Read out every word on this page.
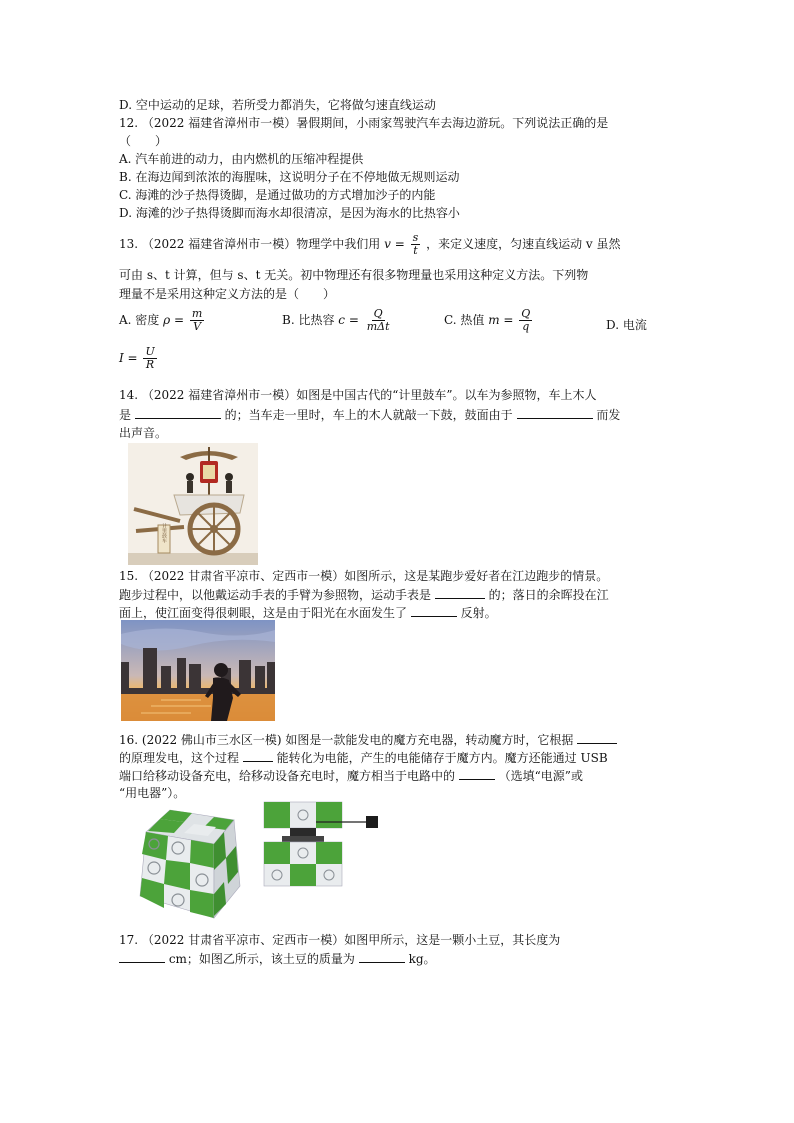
D. 空中运动的足球，若所受力都消失，它将做匀速直线运动
12. （2022 福建省漳州市一模）暑假期间，小雨家驾驶汽车去海边游玩。下列说法正确的是
（　　）
A. 汽车前进的动力，由内燃机的压缩冲程提供
B. 在海边闻到浓浓的海腥味，这说明分子在不停地做无规则运动
C. 海滩的沙子热得烫脚，是通过做功的方式增加沙子的内能
D. 海滩的沙子热得烫脚而海水却很清凉，是因为海水的比热容小
13. （2022 福建省漳州市一模）物理学中我们用 $v = \frac{s}{t}$ ，来定义速度，匀速直线运动 v 虽然
可由 s、t 计算，但与 s、t 无关。初中物理还有很多物理量也采用这种定义方法。下列物
理量不是采用这种定义方法的是（　　）
A. 密度 $\rho = \frac{m}{V}$	B. 比热容 $c = \frac{Q}{\text{mΔt}}$	C. 热值 $m = \frac{Q}{q}$	D. 电流
$I = \frac{U}{R}$
14. （2022 福建省漳州市一模）如图是中国古代的“计里鼓车”。以车为参照物，车上木人
是	的；当车走一里时，车上的木人就敲一下鼓，鼓面由于	而发
出声音。
计里鼓车
15. （2022 甘肃省平凉市、定西市一模）如图所示，这是某跑步爱好者在江边跑步的情景。
跑步过程中，以他戴运动手表的手臂为参照物，运动手表是	的；落日的余晖投在江
面上，使江面变得很刺眼，这是由于阳光在水面发生了	反射。
16. (2022 佛山市三水区一模) 如图是一款能发电的魔方充电器，转动魔方时，它根据
的原理发电，这个过程	能转化为电能，产生的电能储存于魔方内。魔方还能通过 USB
端口给移动设备充电，给移动设备充电时，魔方相当于电路中的	（选填“电源”或
“用电器”）。
17. （2022 甘肃省平凉市、定西市一模）如图甲所示，这是一颗小土豆，其长度为
cm；如图乙所示，该土豆的质量为	kg。
